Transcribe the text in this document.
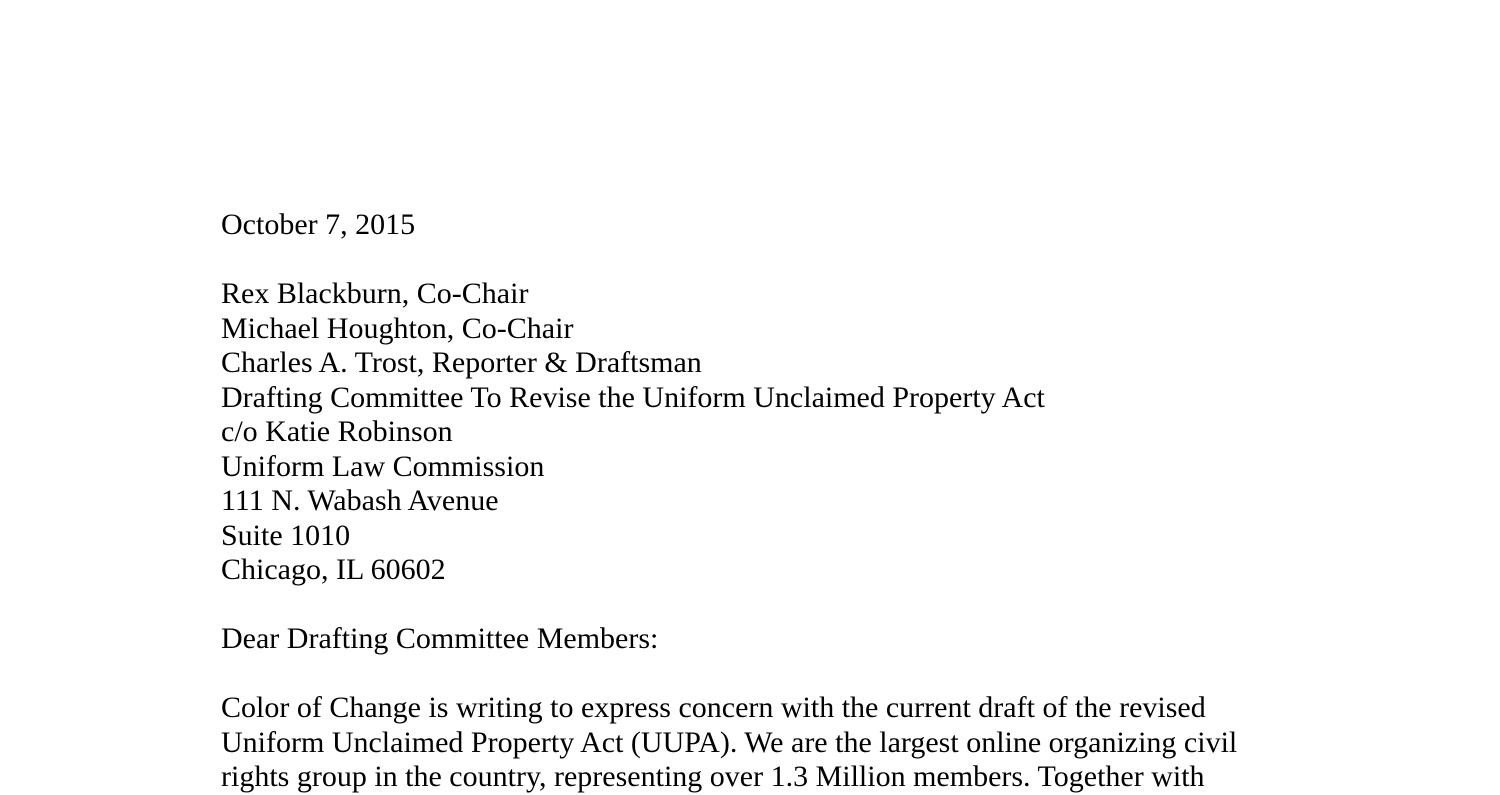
October 7, 2015
Rex Blackburn, Co-Chair
Michael Houghton, Co-Chair
Charles A. Trost, Reporter & Draftsman
Drafting Committee To Revise the Uniform Unclaimed Property Act
c/o Katie Robinson
Uniform Law Commission
111 N. Wabash Avenue
Suite 1010
Chicago, IL 60602
Dear Drafting Committee Members:
Color of Change is writing to express concern with the current draft of the revised
Uniform Unclaimed Property Act (UUPA). We are the largest online organizing civil
rights group in the country, representing over 1.3 Million members. Together with
